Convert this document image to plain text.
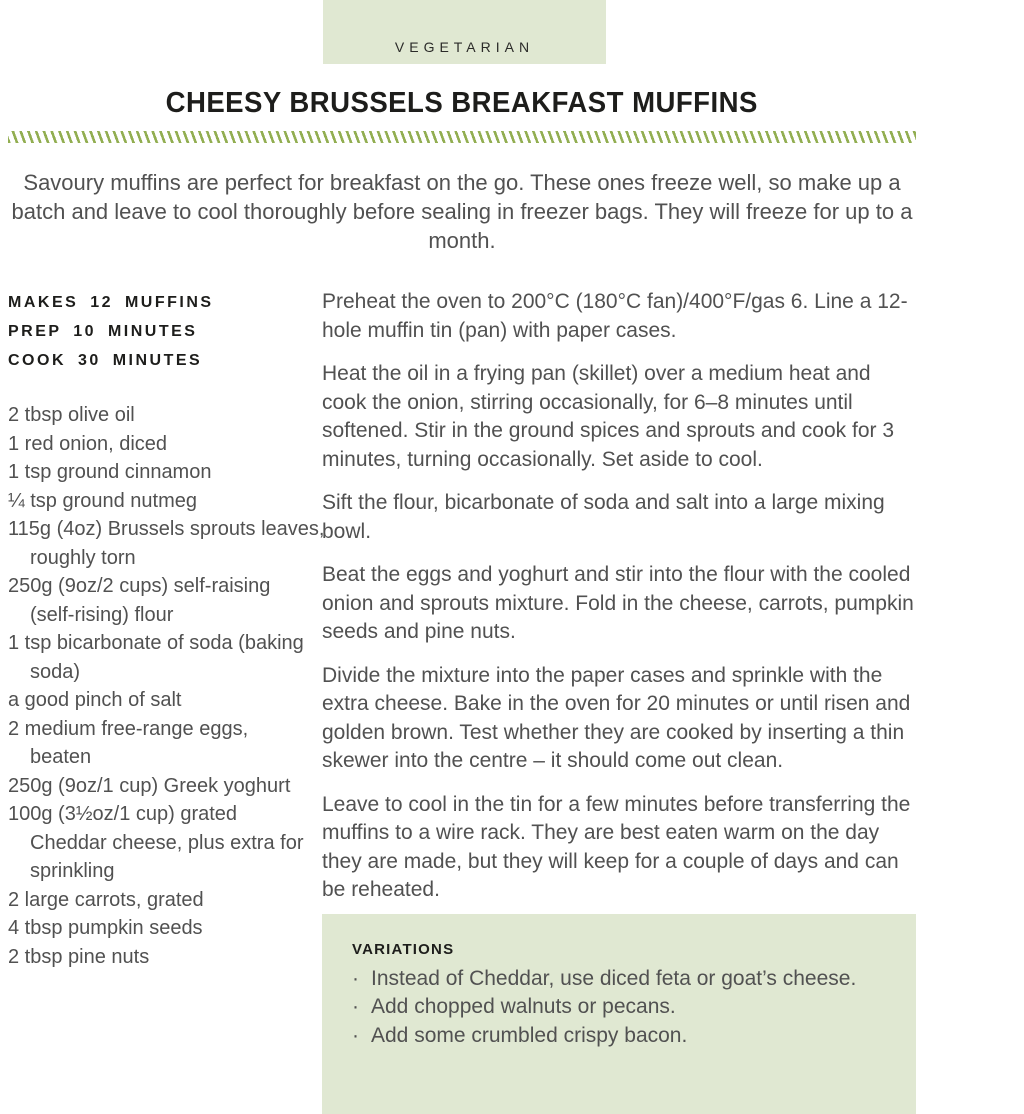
VEGETARIAN
CHEESY BRUSSELS BREAKFAST MUFFINS
Savoury muffins are perfect for breakfast on the go. These ones freeze well, so make up a batch and leave to cool thoroughly before sealing in freezer bags. They will freeze for up to a month.
MAKES 12 MUFFINS
PREP 10 MINUTES
COOK 30 MINUTES
2 tbsp olive oil
1 red onion, diced
1 tsp ground cinnamon
¼ tsp ground nutmeg
115g (4oz) Brussels sprouts leaves,
roughly torn
250g (9oz/2 cups) self-raising
(self-rising) flour
1 tsp bicarbonate of soda (baking
soda)
a good pinch of salt
2 medium free-range eggs,
beaten
250g (9oz/1 cup) Greek yoghurt
100g (3½oz/1 cup) grated
Cheddar cheese, plus extra for
sprinkling
2 large carrots, grated
4 tbsp pumpkin seeds
2 tbsp pine nuts
Preheat the oven to 200°C (180°C fan)/400°F/gas 6. Line a 12-hole muffin tin (pan) with paper cases.
Heat the oil in a frying pan (skillet) over a medium heat and cook the onion, stirring occasionally, for 6–8 minutes until softened. Stir in the ground spices and sprouts and cook for 3 minutes, turning occasionally. Set aside to cool.
Sift the flour, bicarbonate of soda and salt into a large mixing bowl.
Beat the eggs and yoghurt and stir into the flour with the cooled onion and sprouts mixture. Fold in the cheese, carrots, pumpkin seeds and pine nuts.
Divide the mixture into the paper cases and sprinkle with the extra cheese. Bake in the oven for 20 minutes or until risen and golden brown. Test whether they are cooked by inserting a thin skewer into the centre – it should come out clean.
Leave to cool in the tin for a few minutes before transferring the muffins to a wire rack. They are best eaten warm on the day they are made, but they will keep for a couple of days and can be reheated.
VARIATIONS
· Instead of Cheddar, use diced feta or goat’s cheese.
· Add chopped walnuts or pecans.
· Add some crumbled crispy bacon.
